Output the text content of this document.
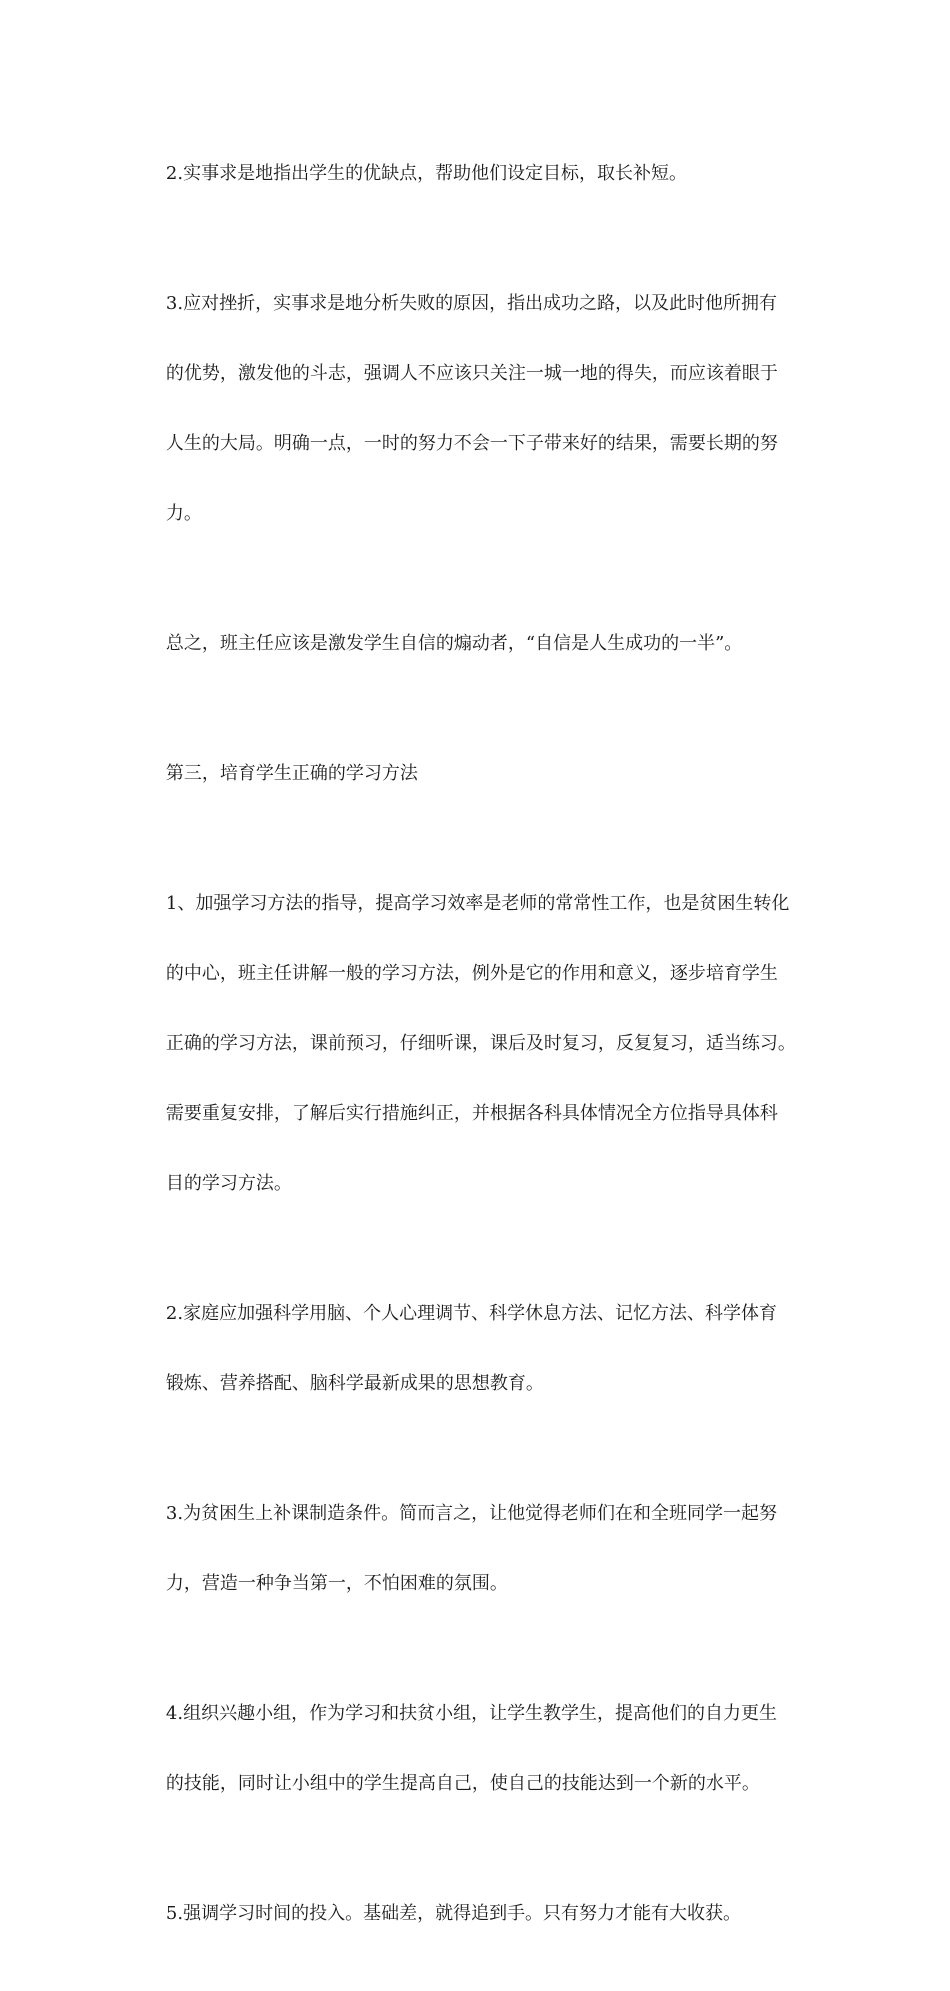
2.实事求是地指出学生的优缺点，帮助他们设定目标，取长补短。

3.应对挫折，实事求是地分析失败的原因，指出成功之路，以及此时他所拥有

的优势，激发他的斗志，强调人不应该只关注一城一地的得失，而应该着眼于

人生的大局。明确一点，一时的努力不会一下子带来好的结果，需要长期的努

力。

总之，班主任应该是激发学生自信的煽动者，“自信是人生成功的一半”。

第三，培育学生正确的学习方法

1、加强学习方法的指导，提高学习效率是老师的常常性工作，也是贫困生转化

的中心，班主任讲解一般的学习方法，例外是它的作用和意义，逐步培育学生

正确的学习方法，课前预习，仔细听课，课后及时复习，反复复习，适当练习。

需要重复安排，了解后实行措施纠正，并根据各科具体情况全方位指导具体科

目的学习方法。

2.家庭应加强科学用脑、个人心理调节、科学休息方法、记忆方法、科学体育

锻炼、营养搭配、脑科学最新成果的思想教育。

3.为贫困生上补课制造条件。简而言之，让他觉得老师们在和全班同学一起努

力，营造一种争当第一，不怕困难的氛围。

4.组织兴趣小组，作为学习和扶贫小组，让学生教学生，提高他们的自力更生

的技能，同时让小组中的学生提高自己，使自己的技能达到一个新的水平。

5.强调学习时间的投入。基础差，就得追到手。只有努力才能有大收获。
